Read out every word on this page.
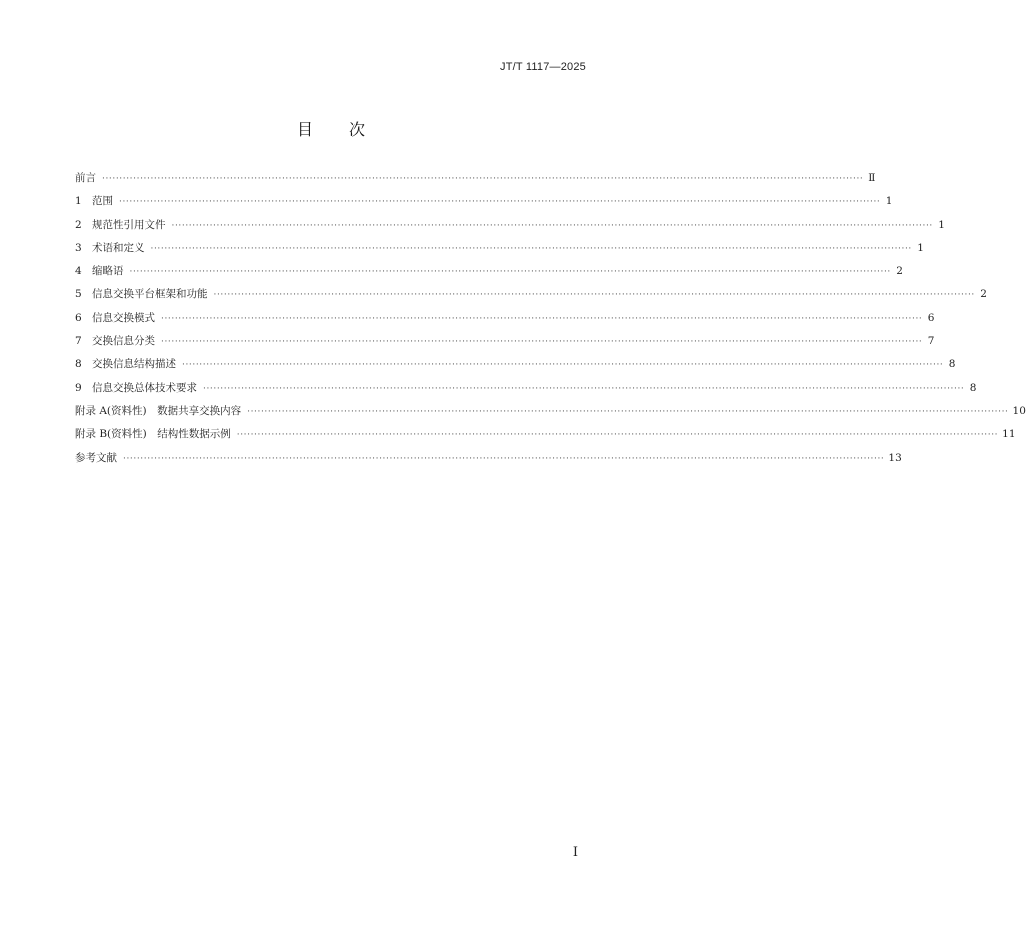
JT/T 1117—2025
目次
前言 ···························································································································································································································· Ⅱ
1 范围 ···························································································································································································································· 1
2 规范性引用文件 ···························································································································································································································· 1
3 术语和定义 ···························································································································································································································· 1
4 缩略语 ···························································································································································································································· 2
5 信息交换平台框架和功能 ···························································································································································································································· 2
6 信息交换模式 ···························································································································································································································· 6
7 交换信息分类 ···························································································································································································································· 7
8 交换信息结构描述 ···························································································································································································································· 8
9 信息交换总体技术要求 ···························································································································································································································· 8
附录 A(资料性)　数据共享交换内容 ···························································································································································································································· 10
附录 B(资料性)　结构性数据示例 ···························································································································································································································· 11
参考文献 ···························································································································································································································· 13
I
